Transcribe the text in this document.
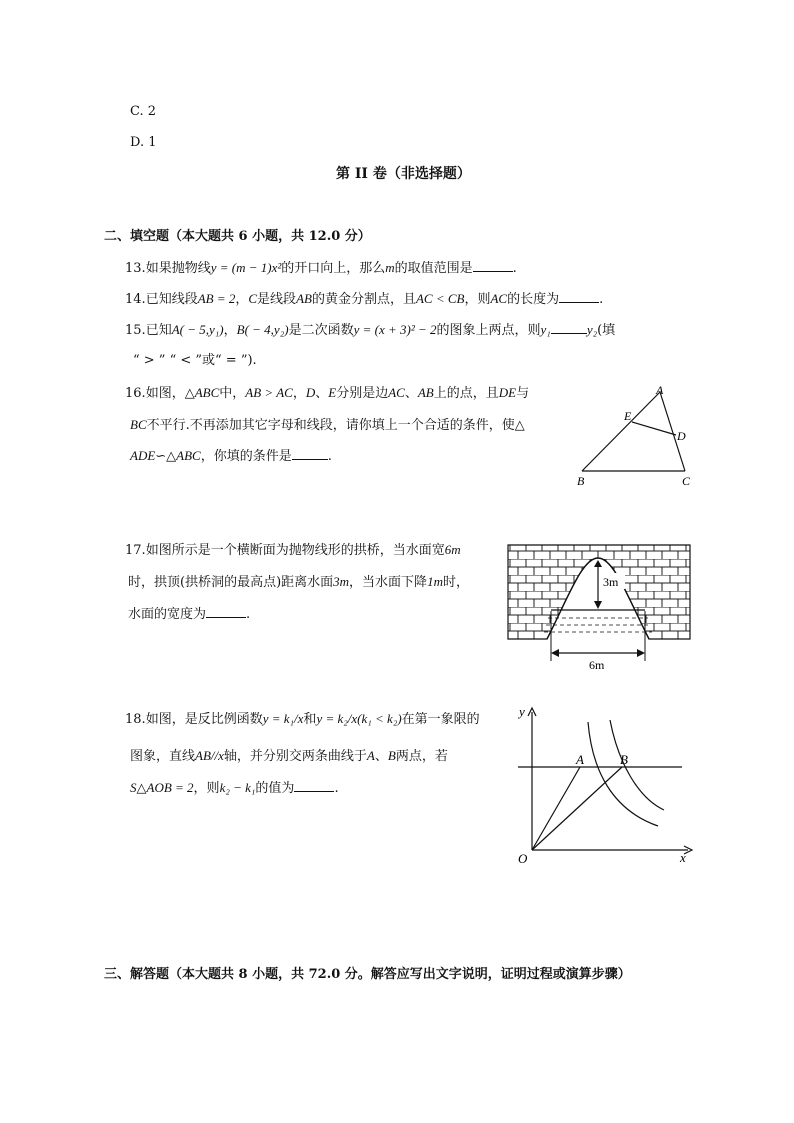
C. 2
D. 1
第 II 卷（非选择题）
二、填空题（本大题共 6 小题，共 12.0 分）
13.如果抛物线y = (m − 1)x²的开口向上，那么m的取值范围是	.
14.已知线段AB = 2，C是线段AB的黄金分割点，且AC < CB，则AC的长度为	.
15.已知A( − 5,y₁)，B( − 4,y₂)是二次函数y = (x + 3)² − 2的图象上两点，则y₁	y₂(填
“ > ” “ < ”或“ = ”).
16.如图，△ABC中，AB > AC，D、E分别是边AC、AB上的点，且DE与
BC不平行.不再添加其它字母和线段，请你填上一个合适的条件，使△
ADE∽△ABC，你填的条件是	.
A
B	C
D
E
17.如图所示是一个横断面为抛物线形的拱桥，当水面宽6m
时，拱顶(拱桥洞的最高点)距离水面3m，当水面下降1m时，
水面的宽度为	.
3m
6m
18.如图，是反比例函数y = k₁/x和y = k₂/x(k₁ < k₂)在第一象限的
图象，直线AB//x轴，并分别交两条曲线于A、B两点，若
S△AOB = 2，则k₂ − k₁的值为	.
y
x
O
A	B
三、解答题（本大题共 8 小题，共 72.0 分。解答应写出文字说明，证明过程或演算步骤）
